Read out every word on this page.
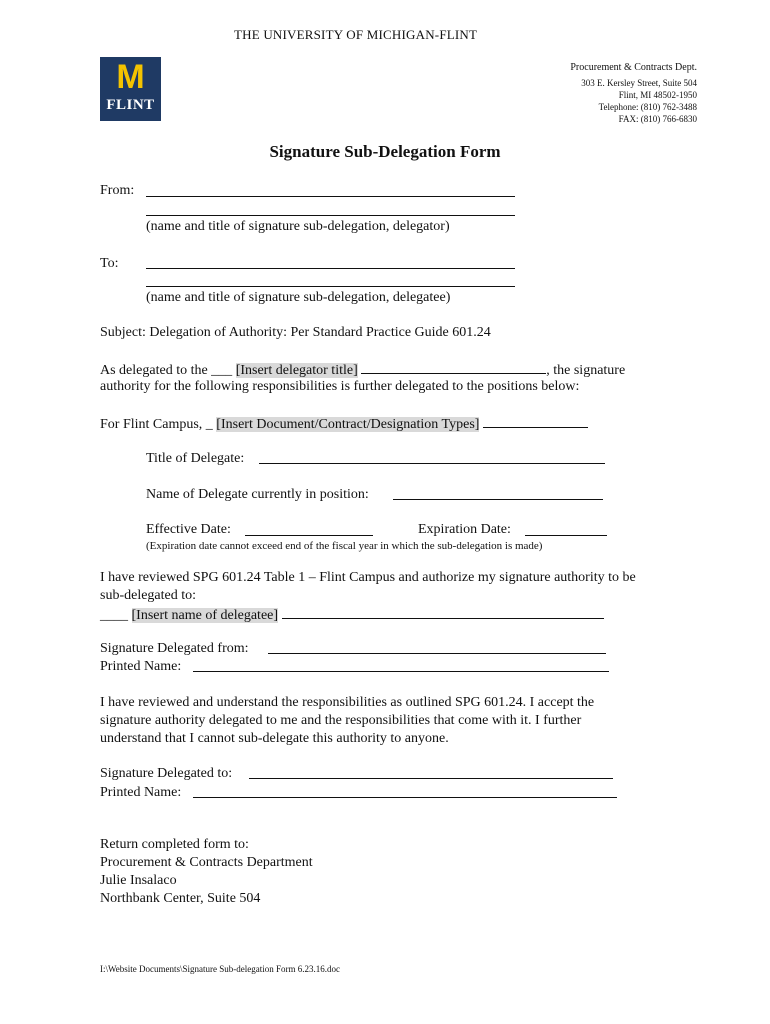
THE UNIVERSITY OF MICHIGAN-FLINT
M
FLINT
Procurement & Contracts Dept.
303 E. Kersley Street, Suite 504
Flint, MI 48502-1950
Telephone: (810) 762-3488
FAX: (810) 766-6830
Signature Sub-Delegation Form
From:
(name and title of signature sub-delegation, delegator)
To:
(name and title of signature sub-delegation, delegatee)
Subject: Delegation of Authority: Per Standard Practice Guide 601.24
As delegated to the ___ [Insert delegator title]	, the signature
authority for the following responsibilities is further delegated to the positions below:
For Flint Campus, _ [Insert Document/Contract/Designation Types]
Title of Delegate:
Name of Delegate currently in position:
Effective Date:	Expiration Date:
(Expiration date cannot exceed end of the fiscal year in which the sub-delegation is made)
I have reviewed SPG 601.24 Table 1 – Flint Campus and authorize my signature authority to be
sub-delegated to:
____ [Insert name of delegatee]
Signature Delegated from:
Printed Name:
I have reviewed and understand the responsibilities as outlined SPG 601.24. I accept the
signature authority delegated to me and the responsibilities that come with it. I further
understand that I cannot sub-delegate this authority to anyone.
Signature Delegated to:
Printed Name:
Return completed form to:
Procurement & Contracts Department
Julie Insalaco
Northbank Center, Suite 504
I:\Website Documents\Signature Sub-delegation Form 6.23.16.doc
